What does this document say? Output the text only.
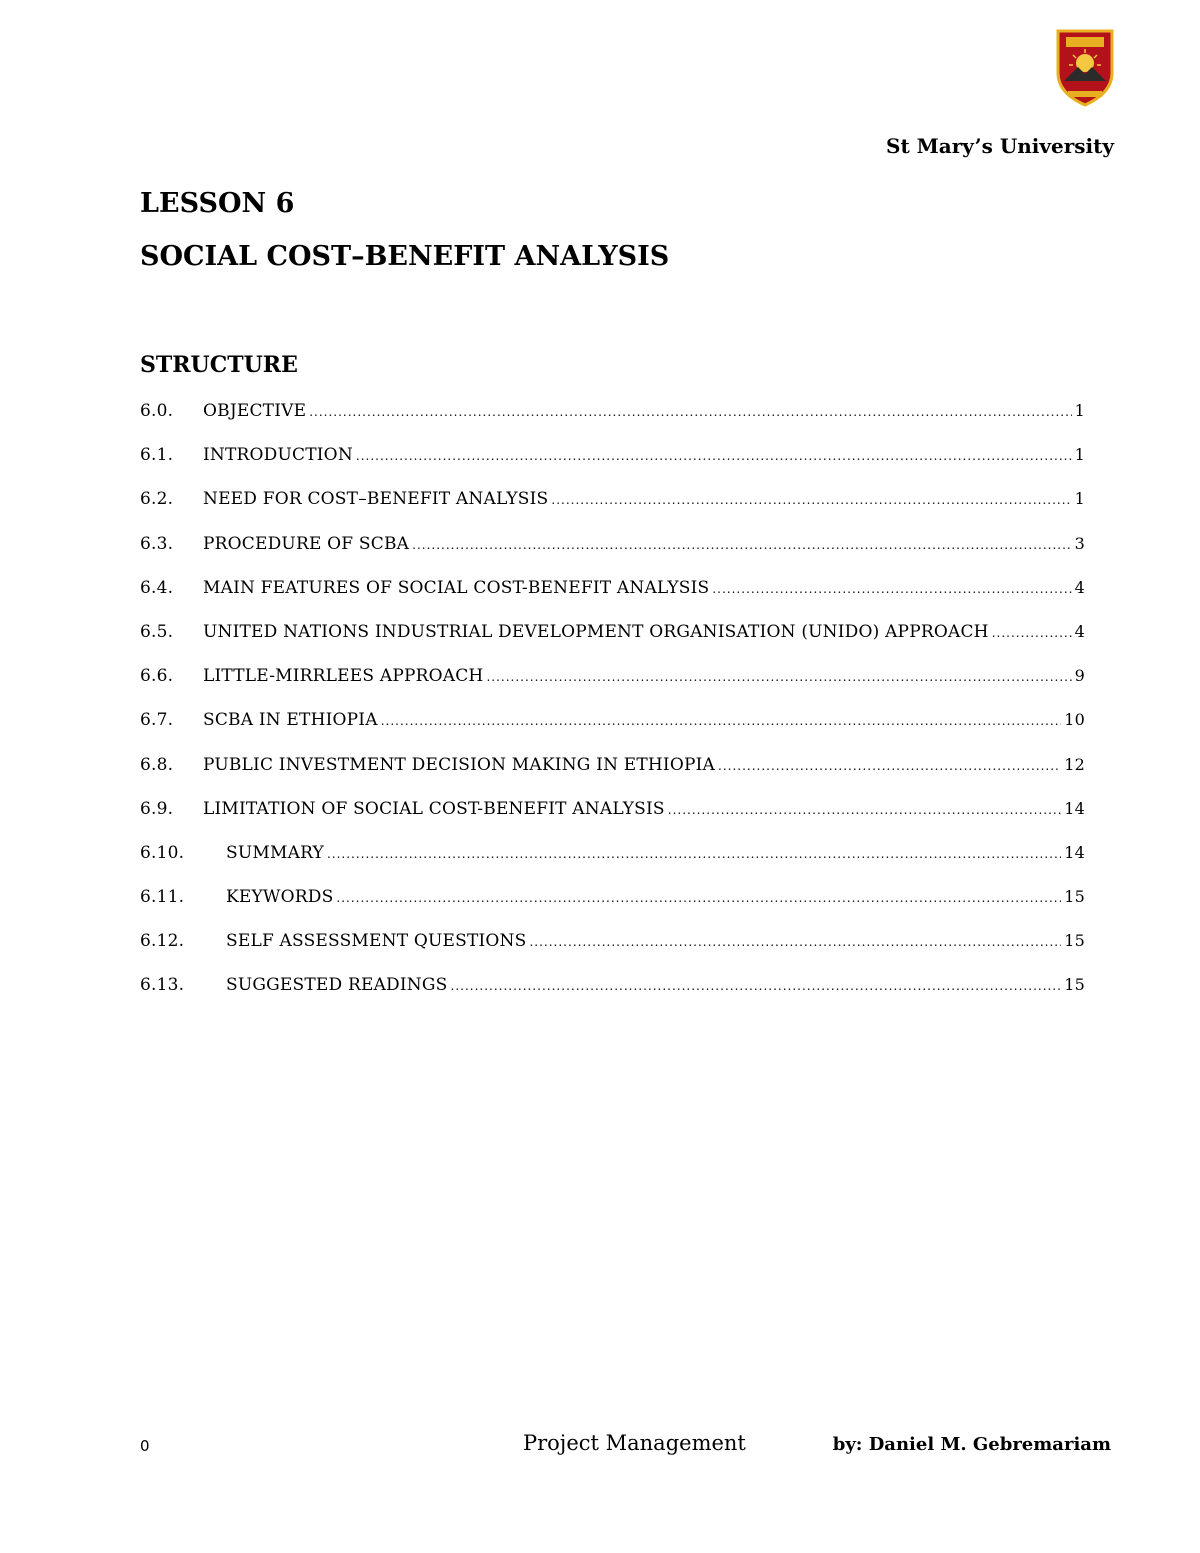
St Mary’s University
LESSON 6
SOCIAL COST–BENEFIT ANALYSIS
STRUCTURE
6.0.	OBJECTIVE .....	1
6.1.	INTRODUCTION .....	1
6.2.	NEED FOR COST–BENEFIT ANALYSIS .....	1
6.3.	PROCEDURE OF SCBA .....	3
6.4.	MAIN FEATURES OF SOCIAL COST-BENEFIT ANALYSIS .....	4
6.5.	UNITED NATIONS INDUSTRIAL DEVELOPMENT ORGANISATION (UNIDO) APPROACH .....	4
6.6.	LITTLE-MIRRLEES APPROACH .....	9
6.7.	SCBA IN ETHIOPIA .....	10
6.8.	PUBLIC INVESTMENT DECISION MAKING IN ETHIOPIA .....	12
6.9.	LIMITATION OF SOCIAL COST-BENEFIT ANALYSIS .....	14
6.10.	SUMMARY .....	14
6.11.	KEYWORDS .....	15
6.12.	SELF ASSESSMENT QUESTIONS .....	15
6.13.	SUGGESTED READINGS .....	15
0	Project Management	by: Daniel M. Gebremariam
